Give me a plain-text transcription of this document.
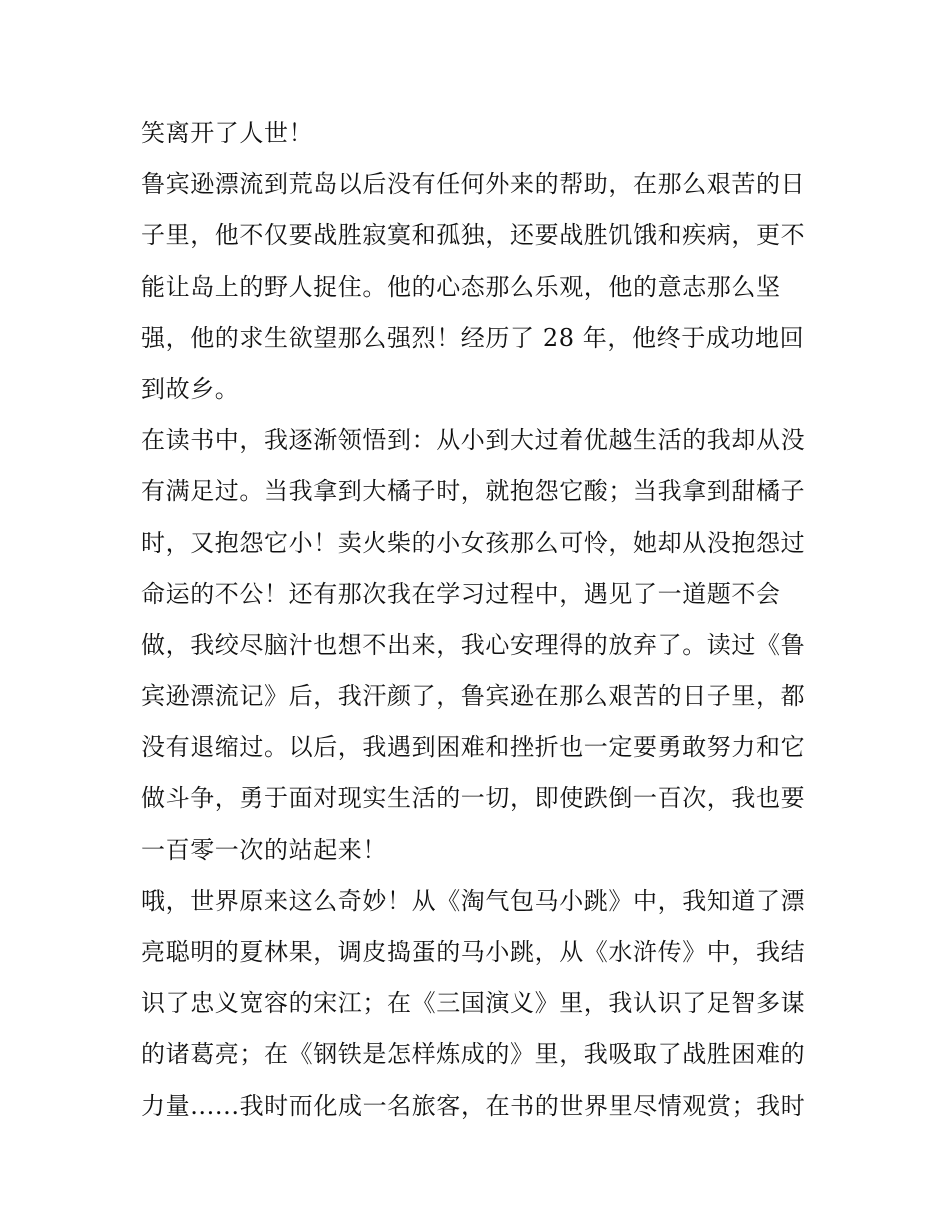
笑离开了人世！
鲁宾逊漂流到荒岛以后没有任何外来的帮助，在那么艰苦的日
子里，他不仅要战胜寂寞和孤独，还要战胜饥饿和疾病，更不
能让岛上的野人捉住。他的心态那么乐观，他的意志那么坚
强，他的求生欲望那么强烈！经历了 28 年，他终于成功地回
到故乡。
在读书中，我逐渐领悟到：从小到大过着优越生活的我却从没
有满足过。当我拿到大橘子时，就抱怨它酸；当我拿到甜橘子
时，又抱怨它小！卖火柴的小女孩那么可怜，她却从没抱怨过
命运的不公！还有那次我在学习过程中，遇见了一道题不会
做，我绞尽脑汁也想不出来，我心安理得的放弃了。读过《鲁
宾逊漂流记》后，我汗颜了，鲁宾逊在那么艰苦的日子里，都
没有退缩过。以后，我遇到困难和挫折也一定要勇敢努力和它
做斗争，勇于面对现实生活的一切，即使跌倒一百次，我也要
一百零一次的站起来！
哦，世界原来这么奇妙！从《淘气包马小跳》中，我知道了漂
亮聪明的夏林果，调皮捣蛋的马小跳，从《水浒传》中，我结
识了忠义宽容的宋江；在《三国演义》里，我认识了足智多谋
的诸葛亮；在《钢铁是怎样炼成的》里，我吸取了战胜困难的
力量......我时而化成一名旅客，在书的世界里尽情观赏；我时
